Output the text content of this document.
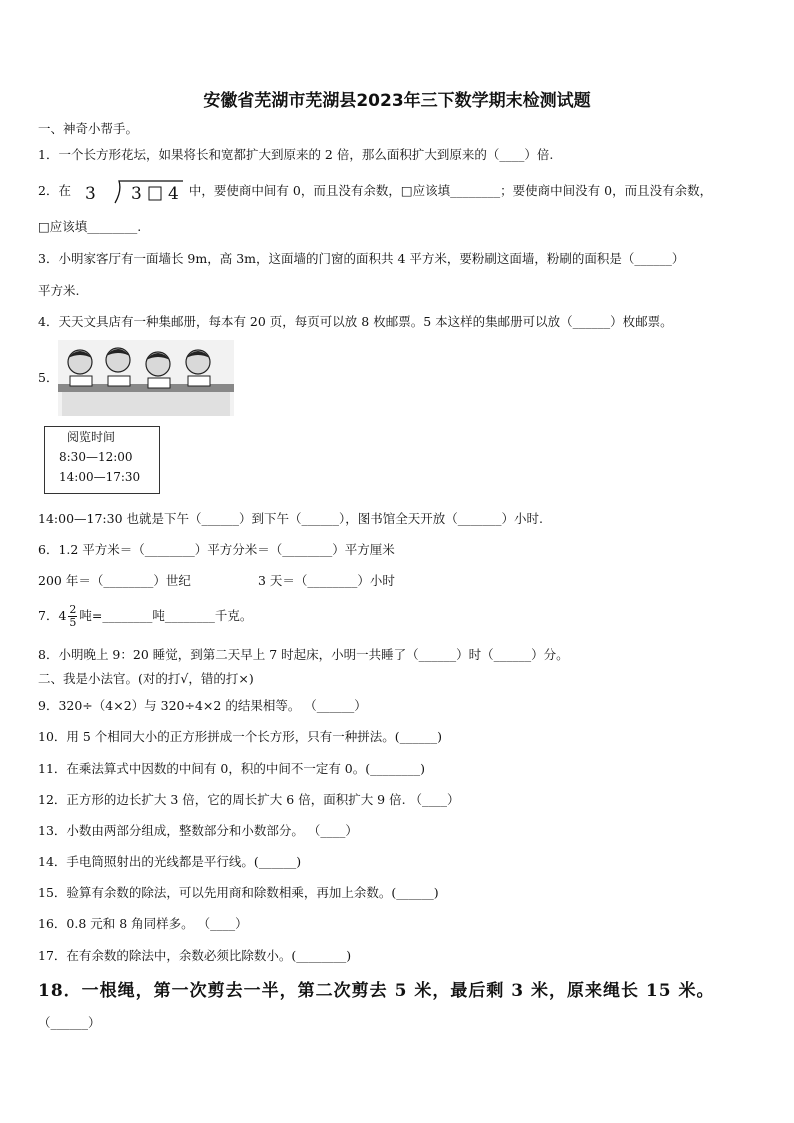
安徽省芜湖市芜湖县2023年三下数学期末检测试题
一、神奇小帮手。
1．一个长方形花坛，如果将长和宽都扩大到原来的 2 倍，那么面积扩大到原来的（____）倍.
2．在 3 3 4 中，要使商中间有 0，而且没有余数，□应该填________；要使商中间没有 0，而且没有余数，
□应该填________.
3．小明家客厅有一面墙长 9m，高 3m，这面墙的门窗的面积共 4 平方米，要粉刷这面墙，粉刷的面积是（______）
平方米.
4．天天文具店有一种集邮册，每本有 20 页，每页可以放 8 枚邮票。5 本这样的集邮册可以放（______）枚邮票。
5．
阅览时间
8:30—12:00
14:00—17:30
14:00—17:30 也就是下午（______）到下午（______），图书馆全天开放（_______）小时.
6．1.2 平方米＝（________）平方分米＝（________）平方厘米
200 年＝（________）世纪	3 天＝（________）小时
7．$4 \frac{2}{5}$ 吨=________吨________千克。
8．小明晚上 9：20 睡觉，到第二天早上 7 时起床，小明一共睡了（______）时（______）分。
二、我是小法官。(对的打√，错的打×)
9．320÷（4×2）与 320÷4×2 的结果相等。 （______）
10．用 5 个相同大小的正方形拼成一个长方形，只有一种拼法。(______)
11．在乘法算式中因数的中间有 0，积的中间不一定有 0。(________)
12．正方形的边长扩大 3 倍，它的周长扩大 6 倍，面积扩大 9 倍. （____）
13．小数由两部分组成，整数部分和小数部分。 （____）
14．手电筒照射出的光线都是平行线。(______)
15．验算有余数的除法，可以先用商和除数相乘，再加上余数。(______)
16．0.8 元和 8 角同样多。 （____）
17．在有余数的除法中，余数必须比除数小。(________)
18．一根绳，第一次剪去一半，第二次剪去 5 米，最后剩 3 米，原来绳长 15 米。
（______）
